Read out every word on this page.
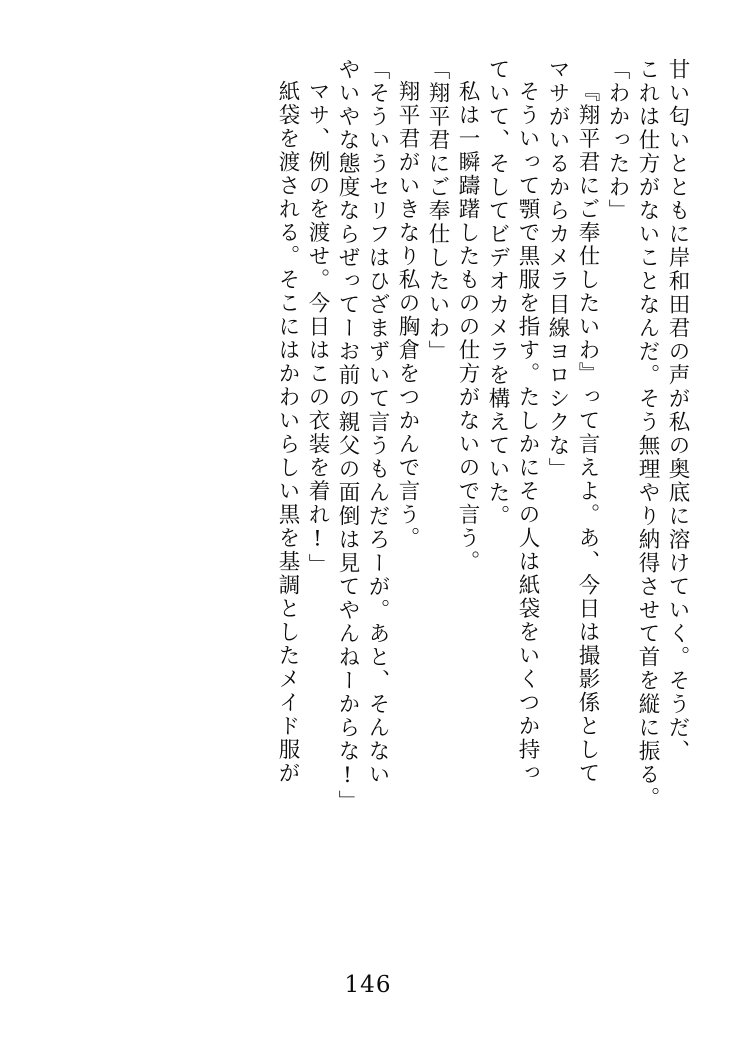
甘い匂いとともに岸和田君の声が私の奥底に溶けていく。そうだ、
これは仕方がないことなんだ。そう無理やり納得させて首を縦に振る。
「わかったわ」
『翔平君にご奉仕したいわ』って言えよ。あ、今日は撮影係として
マサがいるからカメラ目線ヨロシクな」
そういって顎で黒服を指す。たしかにその人は紙袋をいくつか持っ
ていて、そしてビデオカメラを構えていた。
私は一瞬躊躇したものの仕方がないので言う。
「翔平君にご奉仕したいわ」
翔平君がいきなり私の胸倉をつかんで言う。
「そういうセリフはひざまずいて言うもんだろーが。あと、そんない
やいやな態度ならぜってーお前の親父の面倒は見てやんねーからな!」
マサ、例のを渡せ。今日はこの衣装を着れ!」
紙袋を渡される。そこにはかわいらしい黒を基調としたメイド服が
146
